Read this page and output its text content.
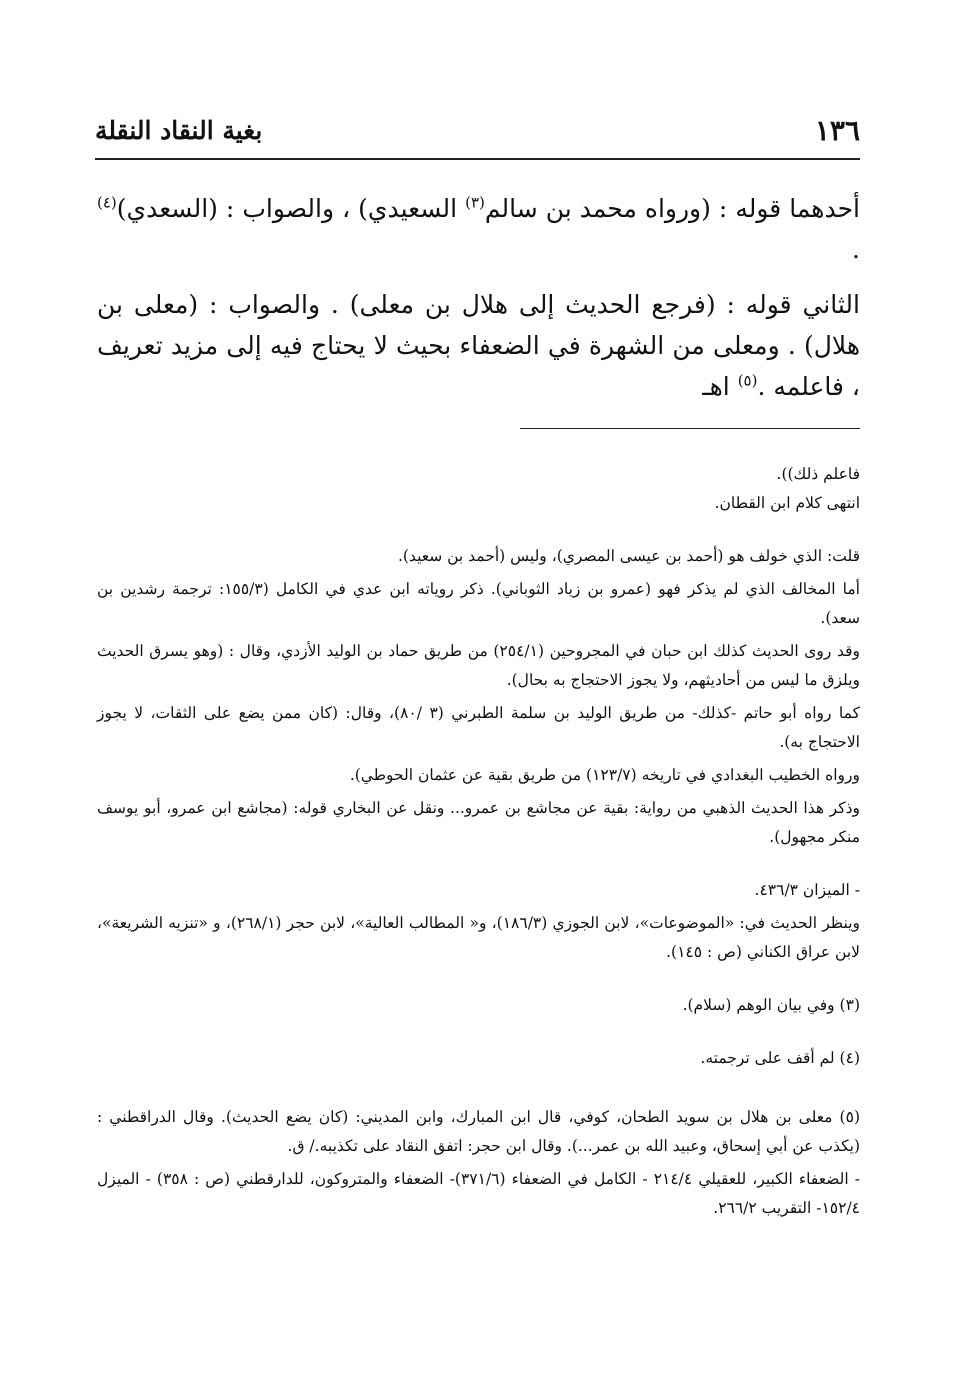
١٣٦
بغية النقاد النقلة

أحدهما قوله : (ورواه محمد بن سالم$^{(٣)}$ السعيدي) ، والصواب : (السعدي)$^{(٤)}$ .

الثاني قوله : (فرجع الحديث إلى هلال بن معلى) . والصواب : (معلى بن هلال) . ومعلى من الشهرة في الضعفاء بحيث لا يحتاج فيه إلى مزيد تعريف ، فاعلمه .$^{(٥)}$ اهـ

فاعلم ذلك)).

انتهى كلام ابن القطان.

قلت: الذي خولف هو (أحمد بن عيسى المصري)، وليس (أحمد بن سعيد).

أما المخالف الذي لم يذكر فهو (عمرو بن زياد الثوباني). ذكر روياته ابن عدي في الكامل (١٥٥/٣: ترجمة رشدين بن سعد).

وقد روى الحديث كذلك ابن حبان في المجروحين (٢٥٤/١) من طريق حماد بن الوليد الأزدي، وقال : (وهو يسرق الحديث ويلزق ما ليس من أحاديثهم، ولا يجوز الاحتجاج به بحال).

كما رواه أبو حاتم -كذلك- من طريق الوليد بن سلمة الطبرني (٣ /٨٠)، وقال: (كان ممن يضع على الثقات، لا يجوز الاحتجاج به).

ورواه الخطيب البغدادي في تاريخه (١٢٣/٧) من طريق بقية عن عثمان الحوطي).

وذكر هذا الحديث الذهبي من رواية: بقية عن مجاشع بن عمرو... ونقل عن البخاري قوله: (مجاشع ابن عمرو، أبو يوسف منكر مجهول).

- الميزان ٤٣٦/٣.

وينظر الحديث في: «الموضوعات»، لابن الجوزي (١٨٦/٣)، و« المطالب العالية»، لابن حجر (٢٦٨/١)، و «تنزيه الشريعة»، لابن عراق الكناني (ص : ١٤٥).

(٣) وفي بيان الوهم (سلام).

(٤) لم أقف على ترجمته.

(٥) معلى بن هلال بن سويد الطحان، كوفي، قال ابن المبارك، وابن المديني: (كان يضع الحديث). وقال الدراقطني : (يكذب عن أبي إسحاق، وعبيد الله بن عمر...). وقال ابن حجر: اتفق النقاد على تكذيبه./ ق.

- الضعفاء الكبير، للعقيلي ٢١٤/٤ - الكامل في الضعفاء (٣٧١/٦)- الضعفاء والمتروكون، للدارقطني (ص : ٣٥٨) - الميزل ١٥٢/٤- التقريب ٢٦٦/٢.
